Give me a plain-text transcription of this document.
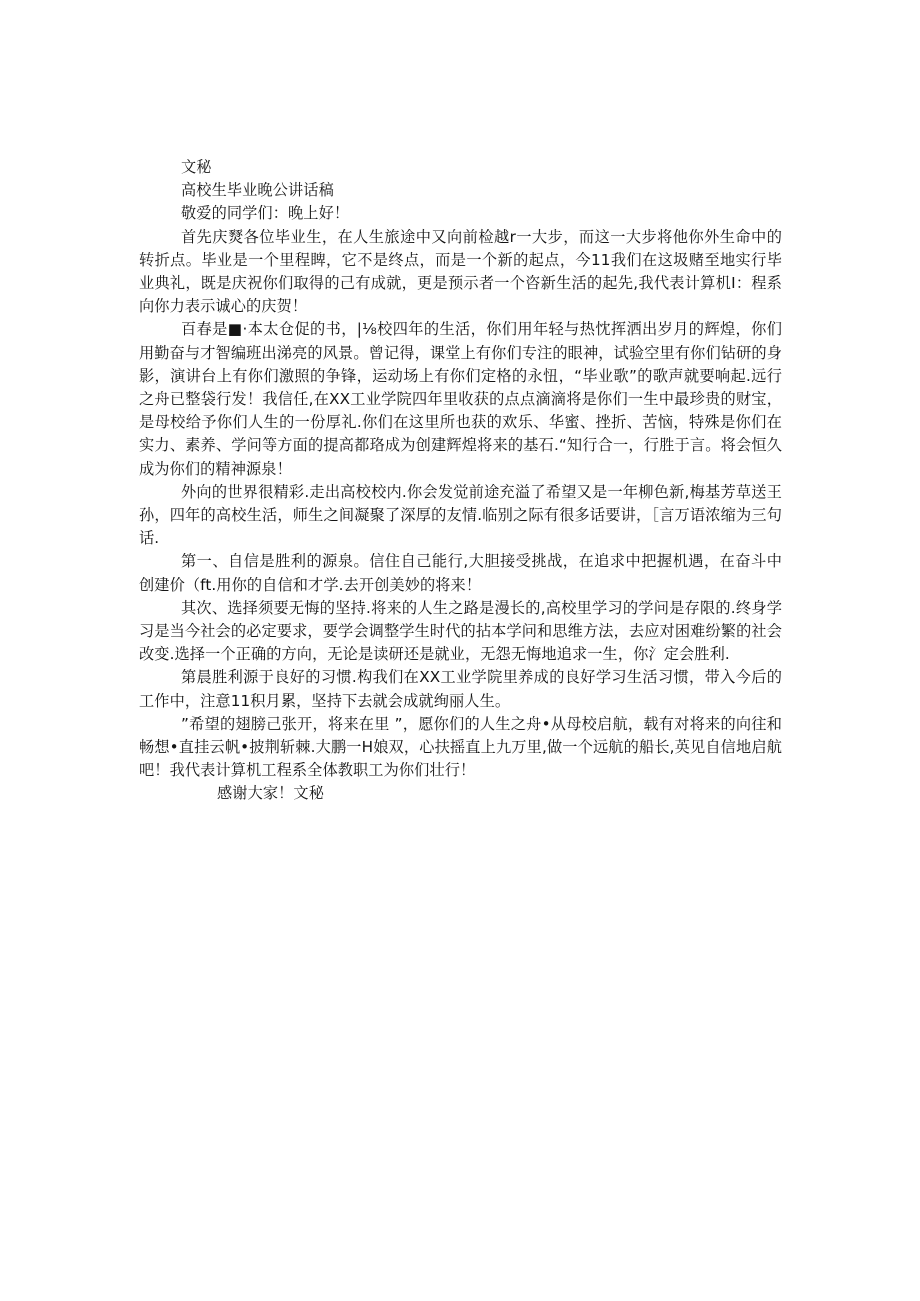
文秘

高校生毕业晚公讲话稿

敬爱的同学们：晚上好！

首先庆燹各位毕业生，在人生旅途中又向前检越r一大步，而这一大步将他你外生命中的转折点。毕业是一个里程睥，它不是终点，而是一个新的起点，今11我们在这圾赌至地实行毕业典礼，既是庆祝你们取得的己有成就，更是预示者一个咨新生活的起先,我代表计算机I：程系向你力表示诚心的庆贺！

百春是■·本太仓促的书，|⅛校四年的生活，你们用年轻与热忱挥洒出岁月的辉煌，你们用勤奋与才智编班出涕亮的风景。曾记得，课堂上有你们专注的眼神，试验空里有你们钻研的身影，演讲台上有你们激照的争锋，运动场上有你们定格的永忸，“毕业歌”的歌声就要响起.远行之舟已整袋行发！我信任,在XX工业学院四年里收获的点点滴滴将是你们一生中最珍贵的财宝，是母校给予你们人生的一份厚礼.你们在这里所也获的欢乐、华蜜、挫折、苦恼，特殊是你们在实力、素养、学问等方面的提高都珞成为创建辉煌将来的基石.“知行合一，行胜于言。将会恒久成为你们的精神源泉！

外向的世界很精彩.走出高校校内.你会发觉前途充溢了希望又是一年柳色新,梅基芳草送王孙，四年的高校生活，师生之间凝聚了深厚的友情.临别之际有很多话要讲，［言万语浓缩为三句话.

第一、自信是胜利的源泉。信住自己能行,大胆接受挑战，在追求中把握机遇，在奋斗中创建价（ft.用你的自信和才学.去开创美妙的将来！

其次、选择须要无悔的坚持.将来的人生之路是漫长的,高校里学习的学问是存限的.终身学习是当今社会的必定要求，要学会调整学生时代的拈本学问和思维方法，去应对困难纷繁的社会改变.选择一个正确的方向，无论是读研还是就业，无怨无悔地追求一生，你氵定会胜利.

第晨胜利源于良好的习惯.构我们在XX工业学院里养成的良好学习生活习惯，带入今后的工作中，注意11积月累，坚持下去就会成就绚丽人生。

”希望的翅膀己张开，将来在里 ”，愿你们的人生之舟•从母校启航，载有对将来的向往和畅想•直挂云帆•披荆斩棘.大鹏一H娘双，心扶摇直上九万里,做一个远航的船长,英见自信地启航吧！我代表计算机工程系全体教职工为你们壮行！

感谢大家！文秘
